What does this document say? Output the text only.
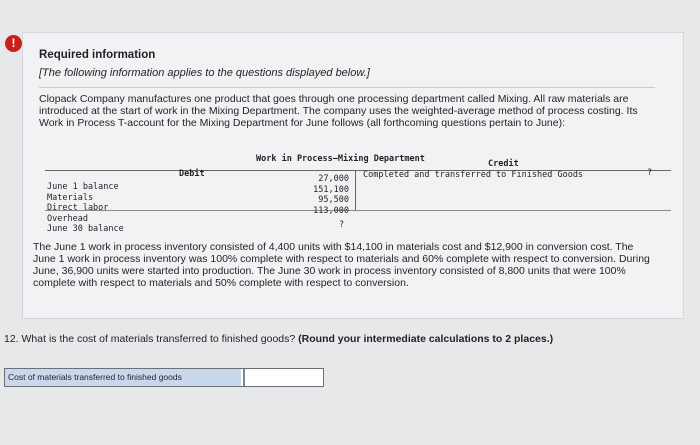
!
Required information
[The following information applies to the questions displayed below.]
Clopack Company manufactures one product that goes through one processing department called Mixing. All raw materials are introduced at the start of work in the Mixing Department. The company uses the weighted-average method of process costing. Its Work in Process T-account for the Mixing Department for June follows (all forthcoming questions pertain to June):
Work in Process—Mixing Department
Debit
Credit
Completed and transferred to Finished Goods	?
June 1 balance
Materials
Direct labor
Overhead
June 30 balance
27,000
151,100
95,500
113,000
?
The June 1 work in process inventory consisted of 4,400 units with $14,100 in materials cost and $12,900 in conversion cost. The June 1 work in process inventory was 100% complete with respect to materials and 60% complete with respect to conversion. During June, 36,900 units were started into production. The June 30 work in process inventory consisted of 8,800 units that were 100% complete with respect to materials and 50% complete with respect to conversion.
12. What is the cost of materials transferred to finished goods? (Round your intermediate calculations to 2 places.)
Cost of materials transferred to finished goods
